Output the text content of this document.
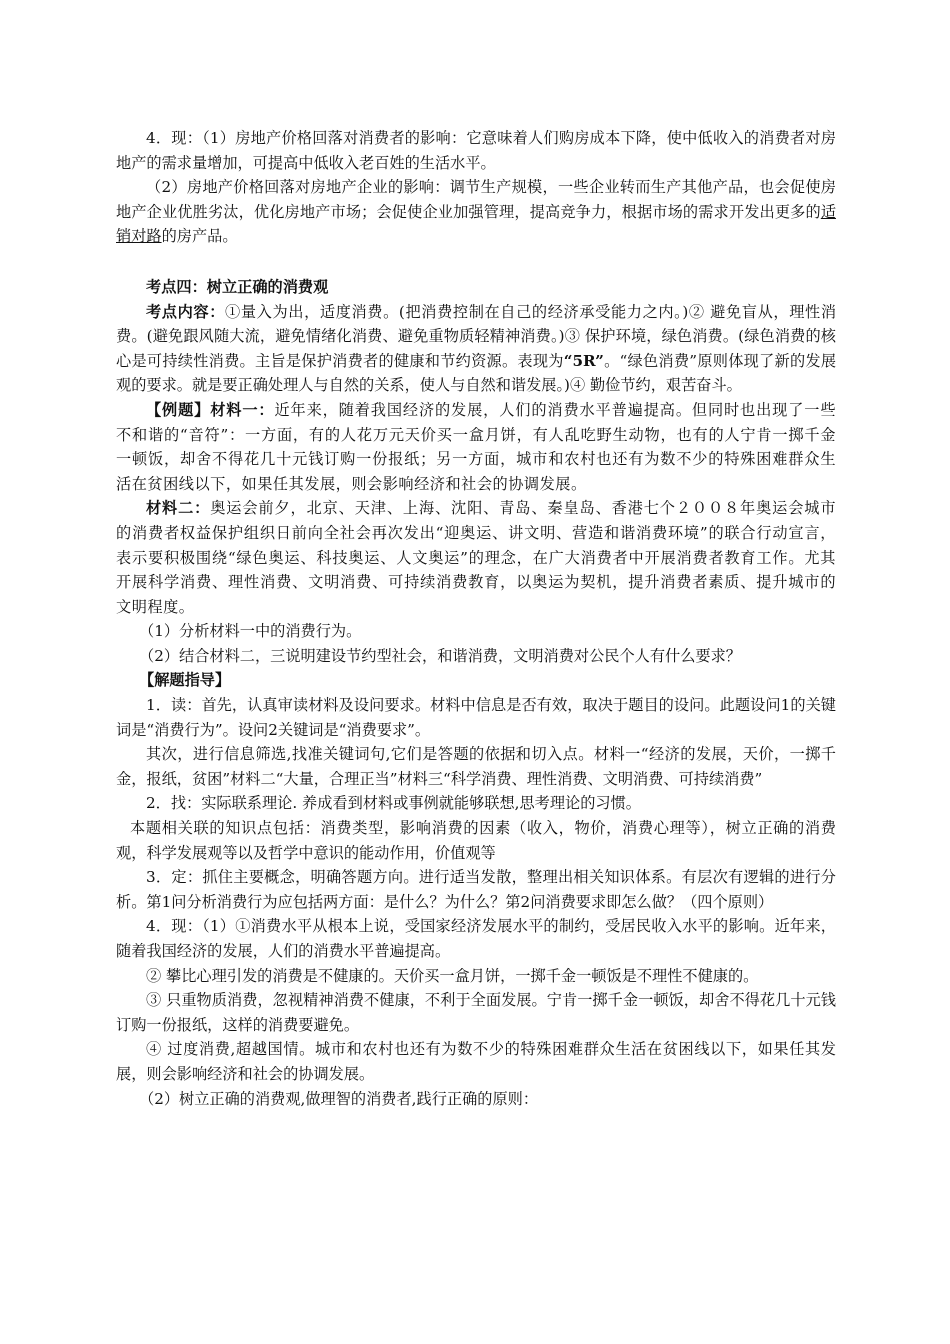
4．现：（1）房地产价格回落对消费者的影响：它意味着人们购房成本下降，使中低收入的消费者对房地产的需求量增加，可提高中低收入老百姓的生活水平。

（2）房地产价格回落对房地产企业的影响：调节生产规模，一些企业转而生产其他产品，也会促使房地产企业优胜劣汰，优化房地产市场；会促使企业加强管理，提高竞争力，根据市场的需求开发出更多的适销对路的房产品。

考点四：树立正确的消费观

考点内容：①量入为出，适度消费。(把消费控制在自己的经济承受能力之内。)② 避免盲从，理性消费。(避免跟风随大流，避免情绪化消费、避免重物质轻精神消费。)③ 保护环境，绿色消费。(绿色消费的核心是可持续性消费。主旨是保护消费者的健康和节约资源。表现为“5R”。“绿色消费”原则体现了新的发展观的要求。就是要正确处理人与自然的关系，使人与自然和谐发展。)④ 勤俭节约，艰苦奋斗。

【例题】材料一：近年来，随着我国经济的发展，人们的消费水平普遍提高。但同时也出现了一些不和谐的“音符”：一方面，有的人花万元天价买一盒月饼，有人乱吃野生动物，也有的人宁肯一掷千金一顿饭，却舍不得花几十元钱订购一份报纸；另一方面，城市和农村也还有为数不少的特殊困难群众生活在贫困线以下，如果任其发展，则会影响经济和社会的协调发展。

材料二：奥运会前夕，北京、天津、上海、沈阳、青岛、秦皇岛、香港七个２００８年奥运会城市的消费者权益保护组织日前向全社会再次发出“迎奥运、讲文明、营造和谐消费环境”的联合行动宣言，表示要积极围绕“绿色奥运、科技奥运、人文奥运”的理念，在广大消费者中开展消费者教育工作。尤其开展科学消费、理性消费、文明消费、可持续消费教育，以奥运为契机，提升消费者素质、提升城市的文明程度。

（1）分析材料一中的消费行为。

（2）结合材料二，三说明建设节约型社会，和谐消费，文明消费对公民个人有什么要求？

【解题指导】

1．读：首先，认真审读材料及设问要求。材料中信息是否有效，取决于题目的设问。此题设问1的关键词是“消费行为”。设问2关键词是“消费要求”。

其次，进行信息筛选,找准关键词句,它们是答题的依据和切入点。材料一“经济的发展，天价，一掷千金，报纸，贫困”材料二“大量，合理正当”材料三“科学消费、理性消费、文明消费、可持续消费”

2．找：实际联系理论. 养成看到材料或事例就能够联想,思考理论的习惯。

本题相关联的知识点包括：消费类型，影响消费的因素（收入，物价，消费心理等），树立正确的消费观，科学发展观等以及哲学中意识的能动作用，价值观等

3．定：抓住主要概念，明确答题方向。进行适当发散，整理出相关知识体系。有层次有逻辑的进行分析。第1问分析消费行为应包括两方面：是什么？为什么？第2问消费要求即怎么做？（四个原则）

4．现：（1）①消费水平从根本上说，受国家经济发展水平的制约，受居民收入水平的影响。近年来，随着我国经济的发展，人们的消费水平普遍提高。

② 攀比心理引发的消费是不健康的。天价买一盒月饼，一掷千金一顿饭是不理性不健康的。

③ 只重物质消费，忽视精神消费不健康，不利于全面发展。宁肯一掷千金一顿饭，却舍不得花几十元钱订购一份报纸，这样的消费要避免。

④ 过度消费,超越国情。城市和农村也还有为数不少的特殊困难群众生活在贫困线以下，如果任其发展，则会影响经济和社会的协调发展。

（2）树立正确的消费观,做理智的消费者,践行正确的原则：
